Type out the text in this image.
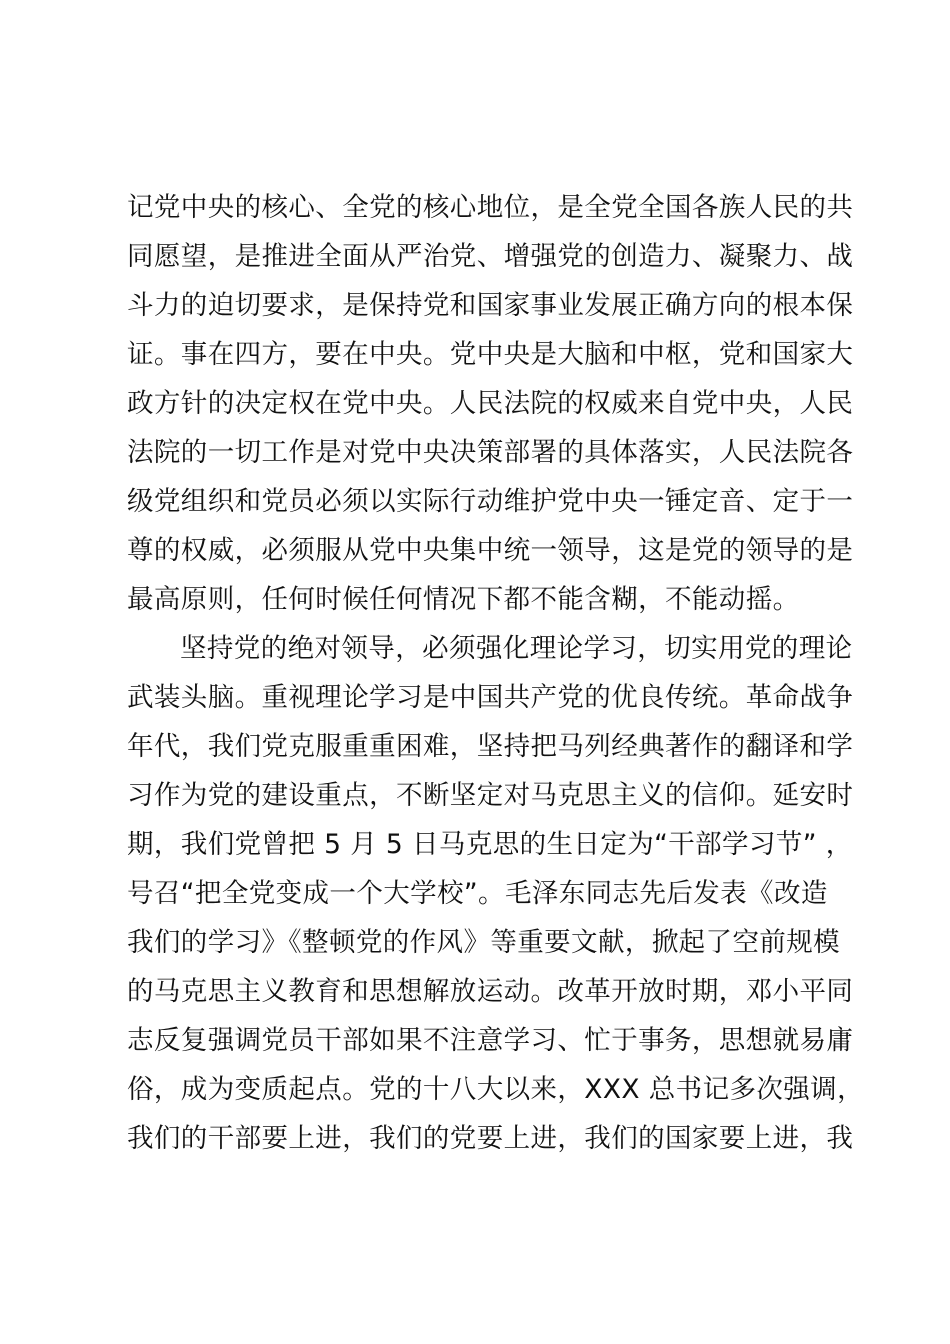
记党中央的核心、全党的核心地位，是全党全国各族人民的共
同愿望，是推进全面从严治党、增强党的创造力、凝聚力、战
斗力的迫切要求，是保持党和国家事业发展正确方向的根本保
证。事在四方，要在中央。党中央是大脑和中枢，党和国家大
政方针的决定权在党中央。人民法院的权威来自党中央，人民
法院的一切工作是对党中央决策部署的具体落实，人民法院各
级党组织和党员必须以实际行动维护党中央一锤定音、定于一
尊的权威，必须服从党中央集中统一领导，这是党的领导的是
最高原则，任何时候任何情况下都不能含糊，不能动摇。
坚持党的绝对领导，必须强化理论学习，切实用党的理论
武装头脑。重视理论学习是中国共产党的优良传统。革命战争
年代，我们党克服重重困难，坚持把马列经典著作的翻译和学
习作为党的建设重点，不断坚定对马克思主义的信仰。延安时
期，我们党曾把 5 月 5 日马克思的生日定为“干部学习节” ，
号召“把全党变成一个大学校”。毛泽东同志先后发表《改造
我们的学习》《整顿党的作风》等重要文献，掀起了空前规模
的马克思主义教育和思想解放运动。改革开放时期，邓小平同
志反复强调党员干部如果不注意学习、忙于事务，思想就易庸
俗，成为变质起点。党的十八大以来，XXX 总书记多次强调，
我们的干部要上进，我们的党要上进，我们的国家要上进，我
